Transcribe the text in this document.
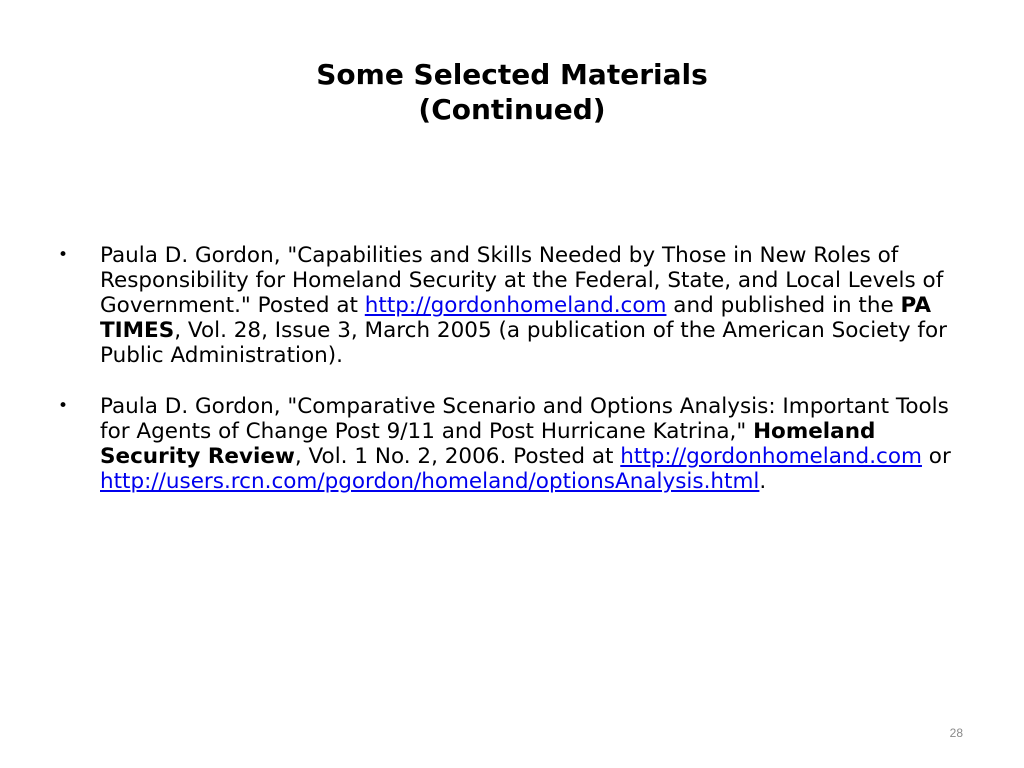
Some Selected Materials
(Continued)
• Paula D. Gordon, "Capabilities and Skills Needed by Those in New Roles of Responsibility for Homeland Security at the Federal, State, and Local Levels of Government." Posted at http://gordonhomeland.com and published in the PA TIMES, Vol. 28, Issue 3, March 2005 (a publication of the American Society for Public Administration).
• Paula D. Gordon, "Comparative Scenario and Options Analysis: Important Tools for Agents of Change Post 9/11 and Post Hurricane Katrina," Homeland Security Review, Vol. 1 No. 2, 2006. Posted at http://gordonhomeland.com or http://users.rcn.com/pgordon/homeland/optionsAnalysis.html.
28
